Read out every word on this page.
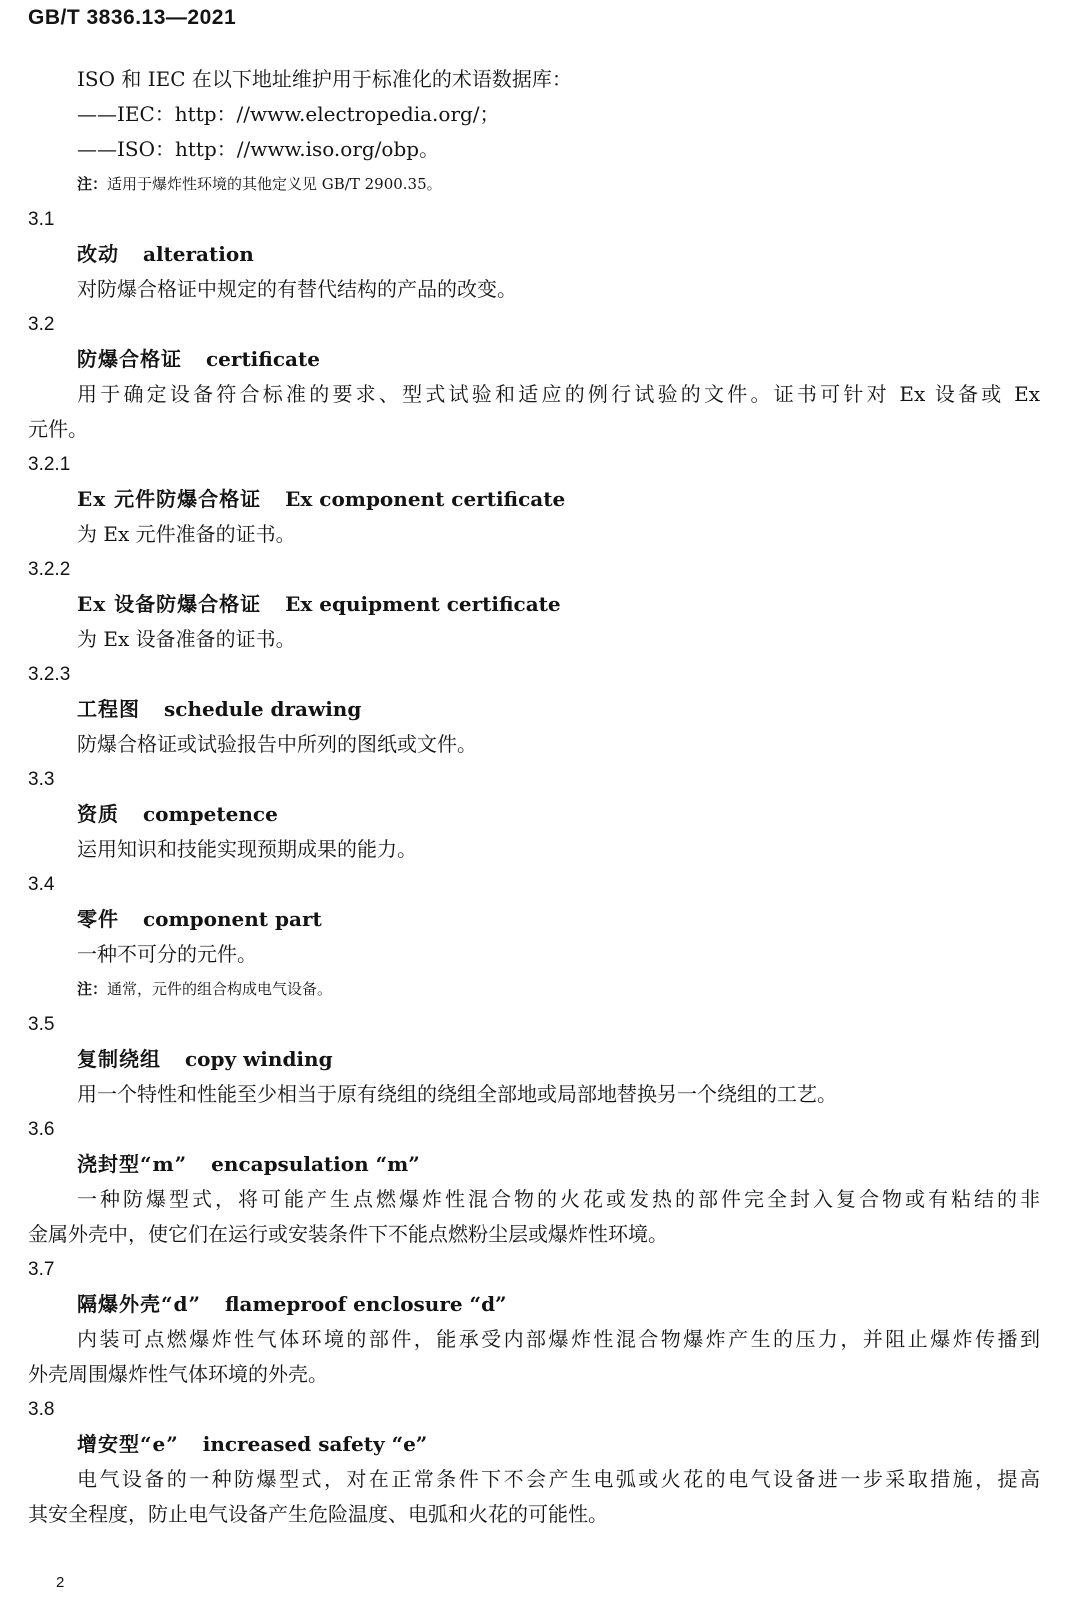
GB/T 3836.13—2021
ISO 和 IEC 在以下地址维护用于标准化的术语数据库：
——IEC：http：//www.electropedia.org/；
——ISO：http：//www.iso.org/obp。
注：适用于爆炸性环境的其他定义见 GB/T 2900.35。
3.1
改动 alteration
对防爆合格证中规定的有替代结构的产品的改变。
3.2
防爆合格证 certificate
用于确定设备符合标准的要求、型式试验和适应的例行试验的文件。证书可针对 Ex 设备或 Ex
元件。
3.2.1
Ex 元件防爆合格证 Ex component certificate
为 Ex 元件准备的证书。
3.2.2
Ex 设备防爆合格证 Ex equipment certificate
为 Ex 设备准备的证书。
3.2.3
工程图 schedule drawing
防爆合格证或试验报告中所列的图纸或文件。
3.3
资质 competence
运用知识和技能实现预期成果的能力。
3.4
零件 component part
一种不可分的元件。
注：通常，元件的组合构成电气设备。
3.5
复制绕组 copy winding
用一个特性和性能至少相当于原有绕组的绕组全部地或局部地替换另一个绕组的工艺。
3.6
浇封型“m” encapsulation “m”
一种防爆型式，将可能产生点燃爆炸性混合物的火花或发热的部件完全封入复合物或有粘结的非
金属外壳中，使它们在运行或安装条件下不能点燃粉尘层或爆炸性环境。
3.7
隔爆外壳“d” flameproof enclosure “d”
内装可点燃爆炸性气体环境的部件，能承受内部爆炸性混合物爆炸产生的压力，并阻止爆炸传播到
外壳周围爆炸性气体环境的外壳。
3.8
增安型“e” increased safety “e”
电气设备的一种防爆型式，对在正常条件下不会产生电弧或火花的电气设备进一步采取措施，提高
其安全程度，防止电气设备产生危险温度、电弧和火花的可能性。
2
